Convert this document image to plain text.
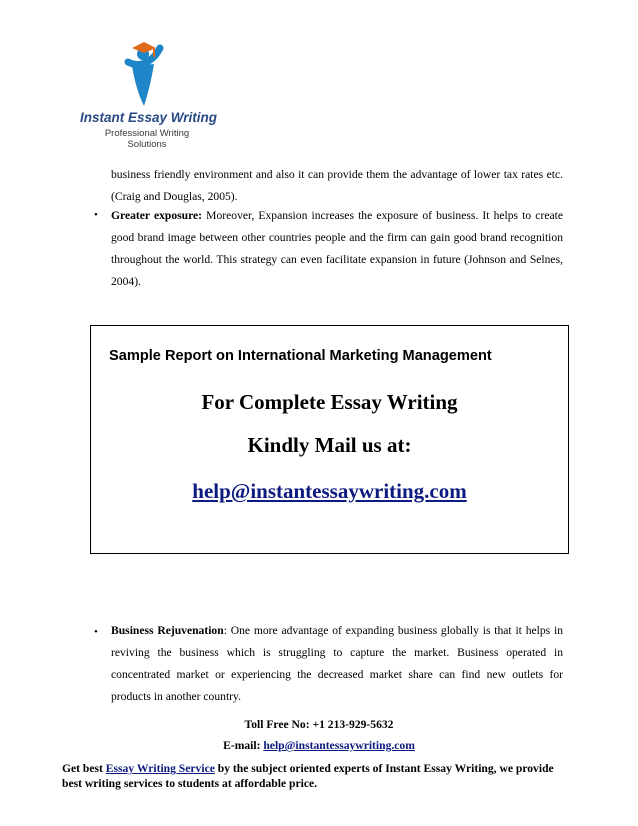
Instant Essay Writing
Professional Writing
Solutions
business friendly environment and also it can provide them the advantage of lower tax rates etc. (Craig and Douglas, 2005).
• Greater exposure: Moreover, Expansion increases the exposure of business. It helps to create good brand image between other countries people and the firm can gain good brand recognition throughout the world. This strategy can even facilitate expansion in future (Johnson and Selnes, 2004).
Sample Report on International Marketing Management
For Complete Essay Writing
Kindly Mail us at:
help@instantessaywriting.com
• Business Rejuvenation: One more advantage of expanding business globally is that it helps in reviving the business which is struggling to capture the market. Business operated in concentrated market or experiencing the decreased market share can find new outlets for products in another country.
Toll Free No: +1 213-929-5632
E-mail: help@instantessaywriting.com
Get best Essay Writing Service by the subject oriented experts of Instant Essay Writing, we provide best writing services to students at affordable price.
